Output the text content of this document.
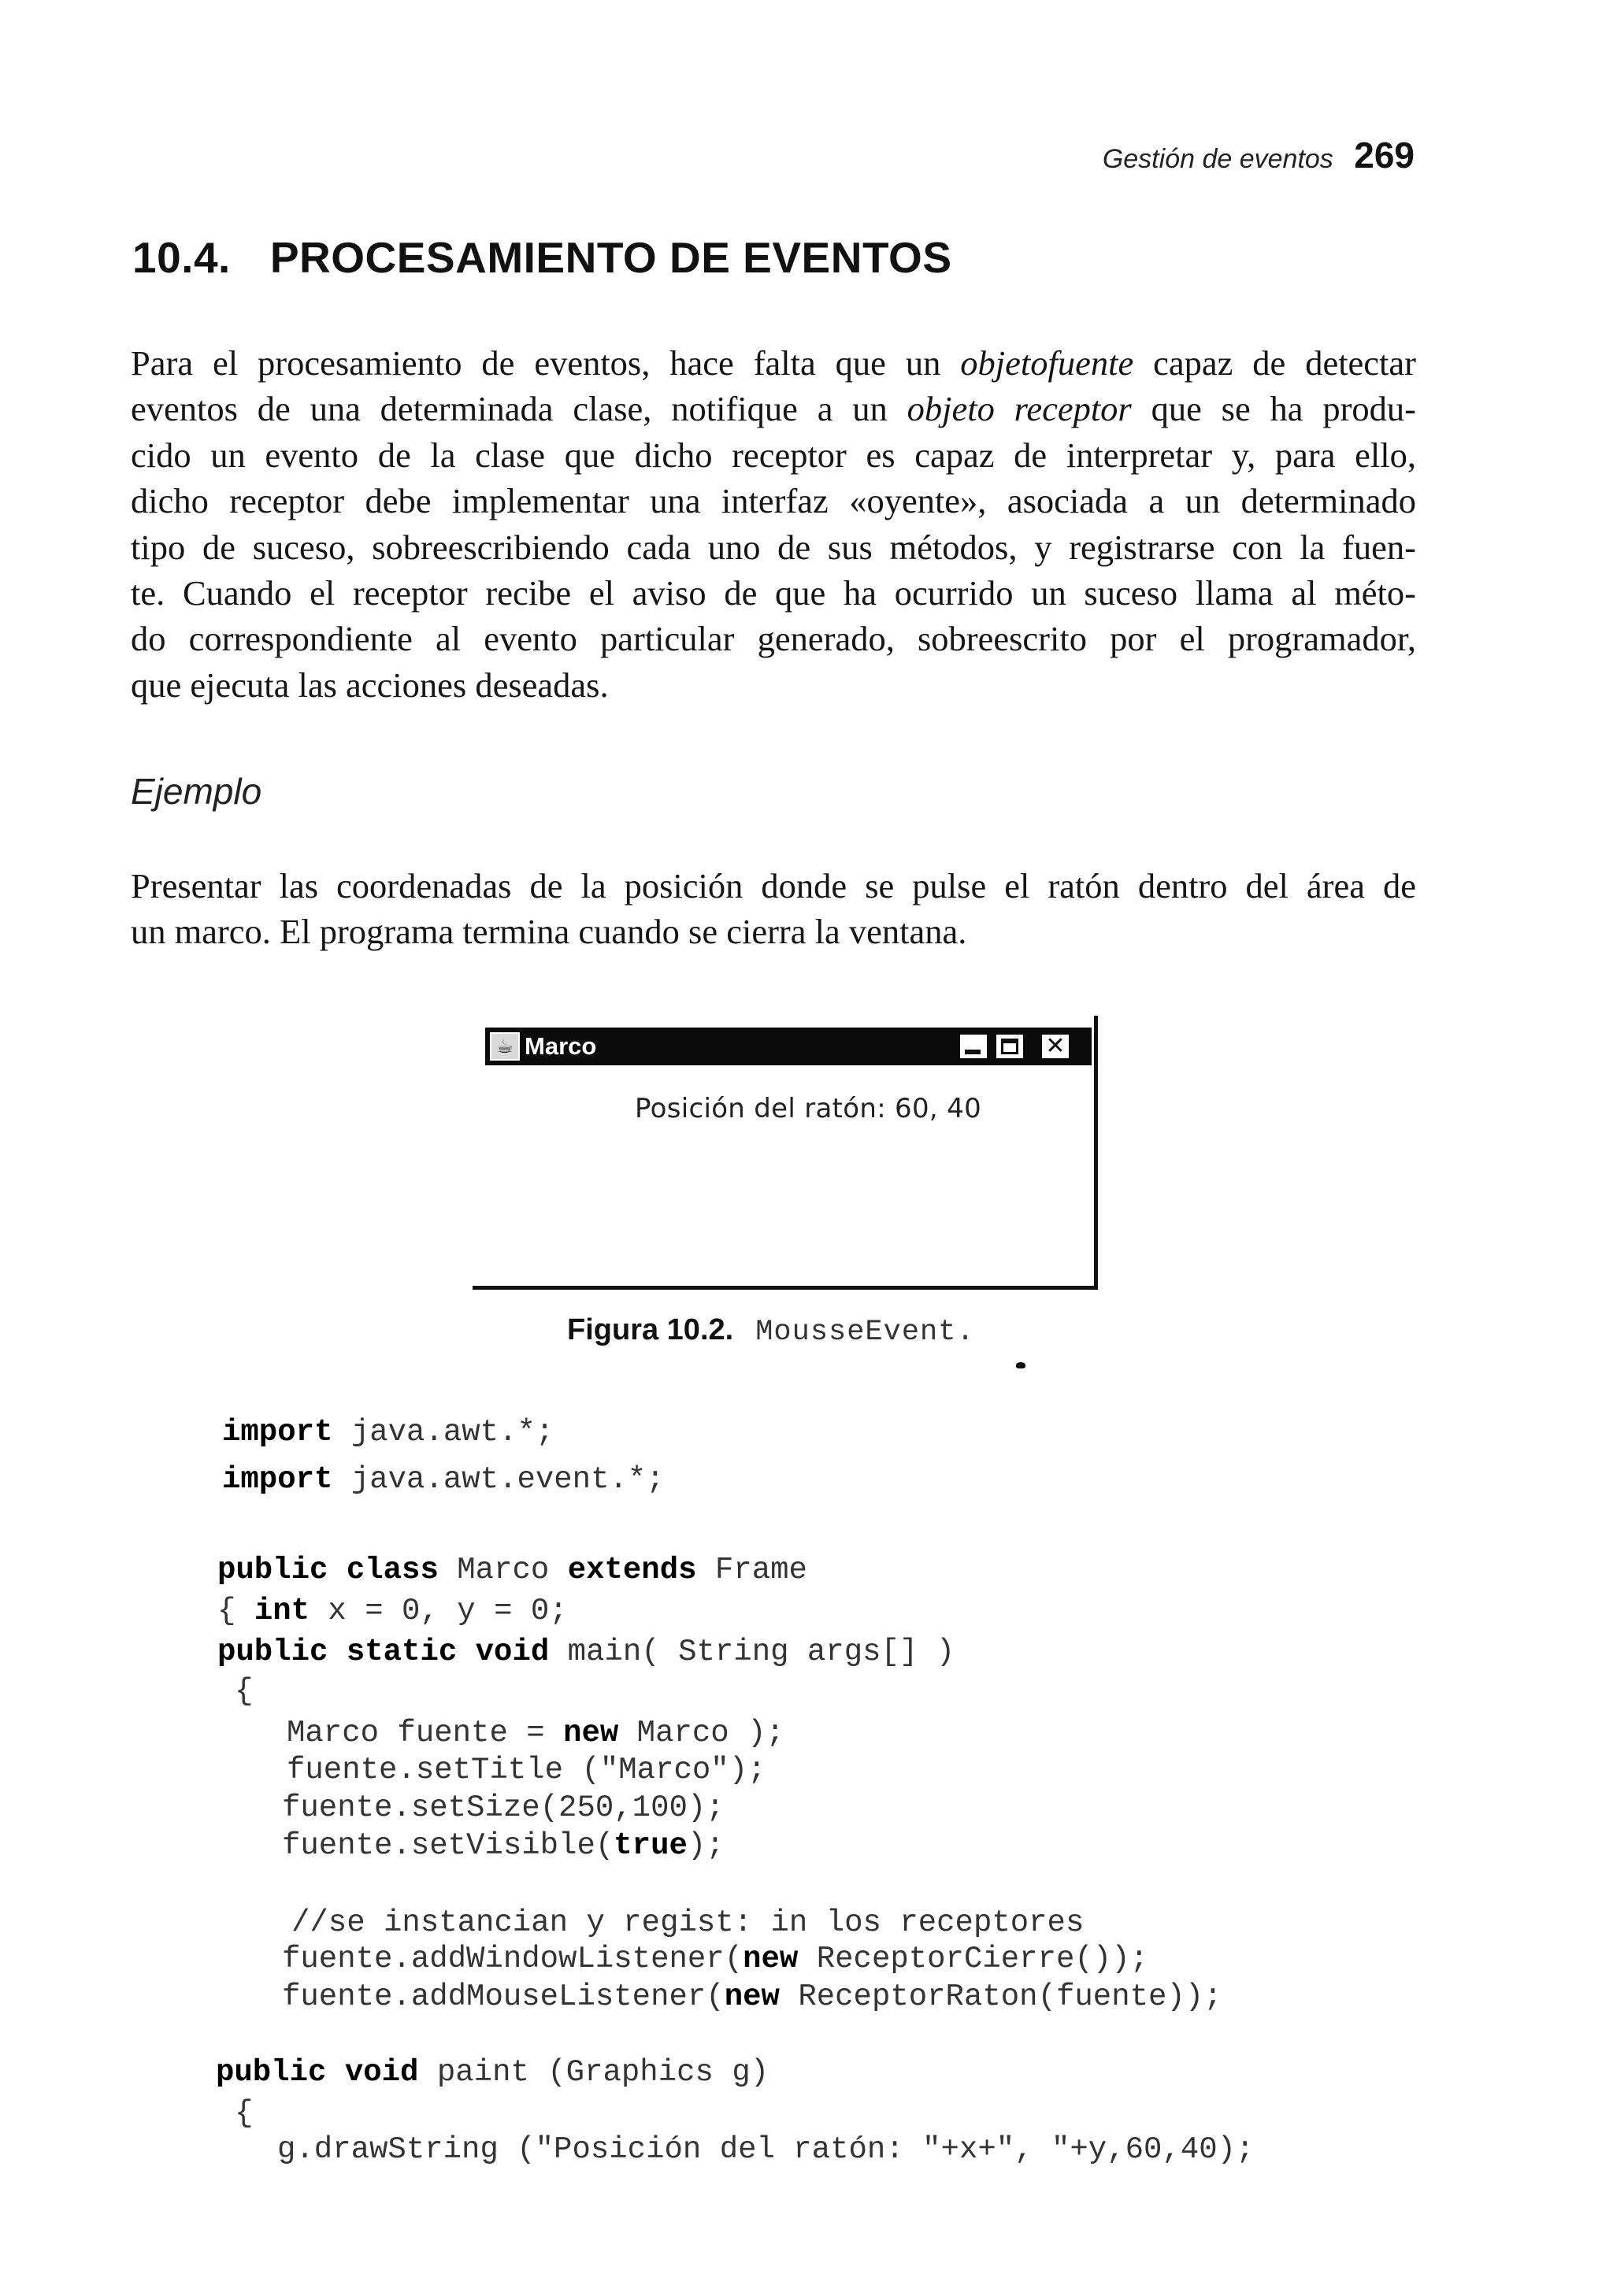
Gestión de eventos 269
10.4. PROCESAMIENTO DE EVENTOS
Para el procesamiento de eventos, hace falta que un objetofuente capaz de detectar
eventos de una determinada clase, notifique a un objeto receptor que se ha produ-
cido un evento de la clase que dicho receptor es capaz de interpretar y, para ello,
dicho receptor debe implementar una interfaz «oyente», asociada a un determinado
tipo de suceso, sobreescribiendo cada uno de sus métodos, y registrarse con la fuen-
te. Cuando el receptor recibe el aviso de que ha ocurrido un suceso llama al méto-
do correspondiente al evento particular generado, sobreescrito por el programador,
que ejecuta las acciones deseadas.
Ejemplo
Presentar las coordenadas de la posición donde se pulse el ratón dentro del área de
un marco. El programa termina cuando se cierra la ventana.
☕ Marco	✕
Posición del ratón: 60, 40
Figura 10.2. MousseEvent.
import java.awt.*;
import java.awt.event.*;
public class Marco extends Frame
{ int x = 0, y = 0;
public static void main( String args[] )
{
Marco fuente = new Marco );
fuente.setTitle ("Marco");
fuente.setSize(250,100);
fuente.setVisible(true);
//se instancian y regist: in los receptores
fuente.addWindowListener(new ReceptorCierre());
fuente.addMouseListener(new ReceptorRaton(fuente));
public void paint (Graphics g)
{
g.drawString ("Posición del ratón: "+x+", "+y,60,40);
